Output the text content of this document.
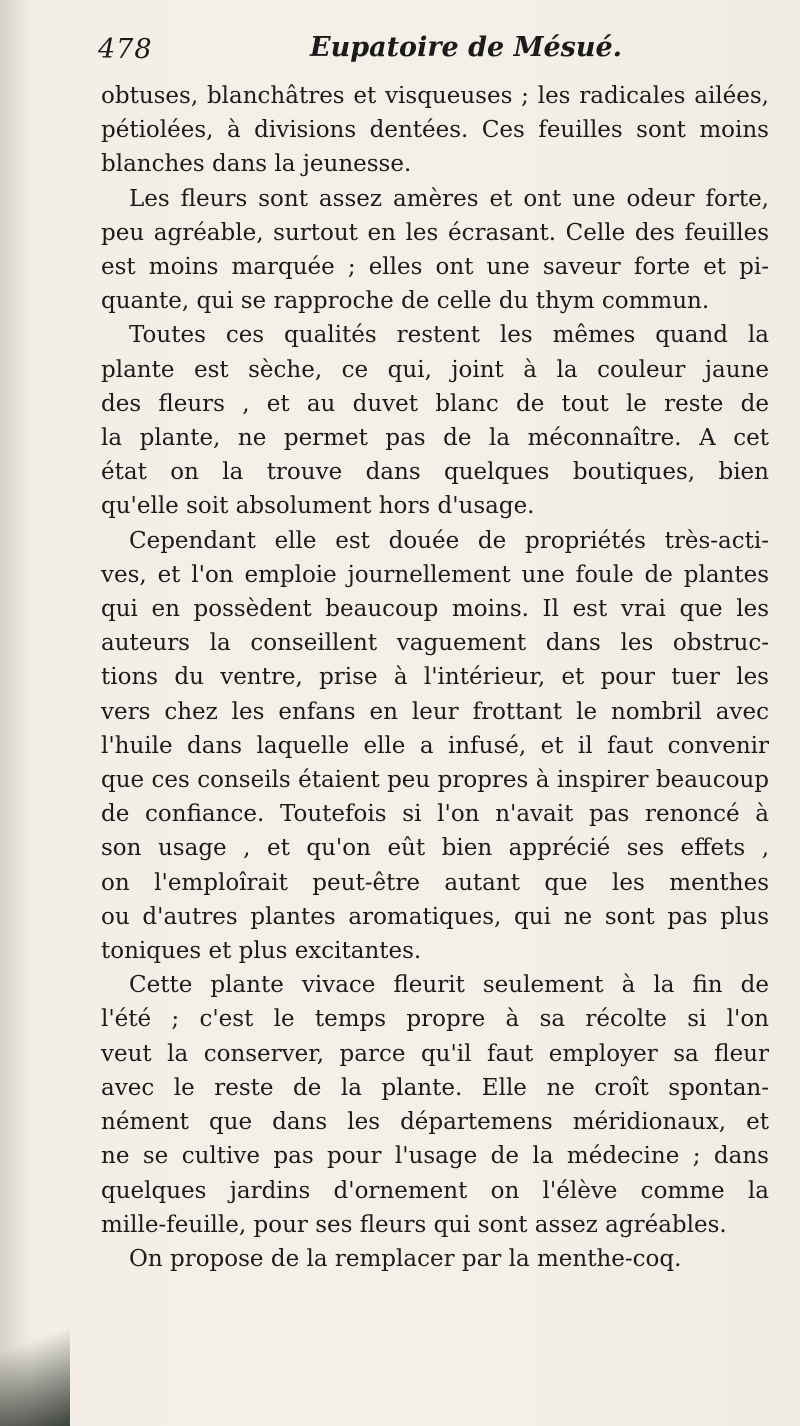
478	Eupatoire de Mésué.
obtuses, blanchâtres et visqueuses ; les radicales ailées,
pétiolées, à divisions dentées. Ces feuilles sont moins
blanches dans la jeunesse.
Les fleurs sont assez amères et ont une odeur forte,
peu agréable, surtout en les écrasant. Celle des feuilles
est moins marquée ; elles ont une saveur forte et pi-
quante, qui se rapproche de celle du thym commun.
Toutes ces qualités restent les mêmes quand la
plante est sèche, ce qui, joint à la couleur jaune
des fleurs , et au duvet blanc de tout le reste de
la plante, ne permet pas de la méconnaître. A cet
état on la trouve dans quelques boutiques, bien
qu'elle soit absolument hors d'usage.
Cependant elle est douée de propriétés très-acti-
ves, et l'on emploie journellement une foule de plantes
qui en possèdent beaucoup moins. Il est vrai que les
auteurs la conseillent vaguement dans les obstruc-
tions du ventre, prise à l'intérieur, et pour tuer les
vers chez les enfans en leur frottant le nombril avec
l'huile dans laquelle elle a infusé, et il faut convenir
que ces conseils étaient peu propres à inspirer beaucoup
de confiance. Toutefois si l'on n'avait pas renoncé à
son usage , et qu'on eût bien apprécié ses effets ,
on l'emploîrait peut-être autant que les menthes
ou d'autres plantes aromatiques, qui ne sont pas plus
toniques et plus excitantes.
Cette plante vivace fleurit seulement à la fin de
l'été ; c'est le temps propre à sa récolte si l'on
veut la conserver, parce qu'il faut employer sa fleur
avec le reste de la plante. Elle ne croît spontan-
nément que dans les départemens méridionaux, et
ne se cultive pas pour l'usage de la médecine ; dans
quelques jardins d'ornement on l'élève comme la
mille-feuille, pour ses fleurs qui sont assez agréables.
On propose de la remplacer par la menthe-coq.
